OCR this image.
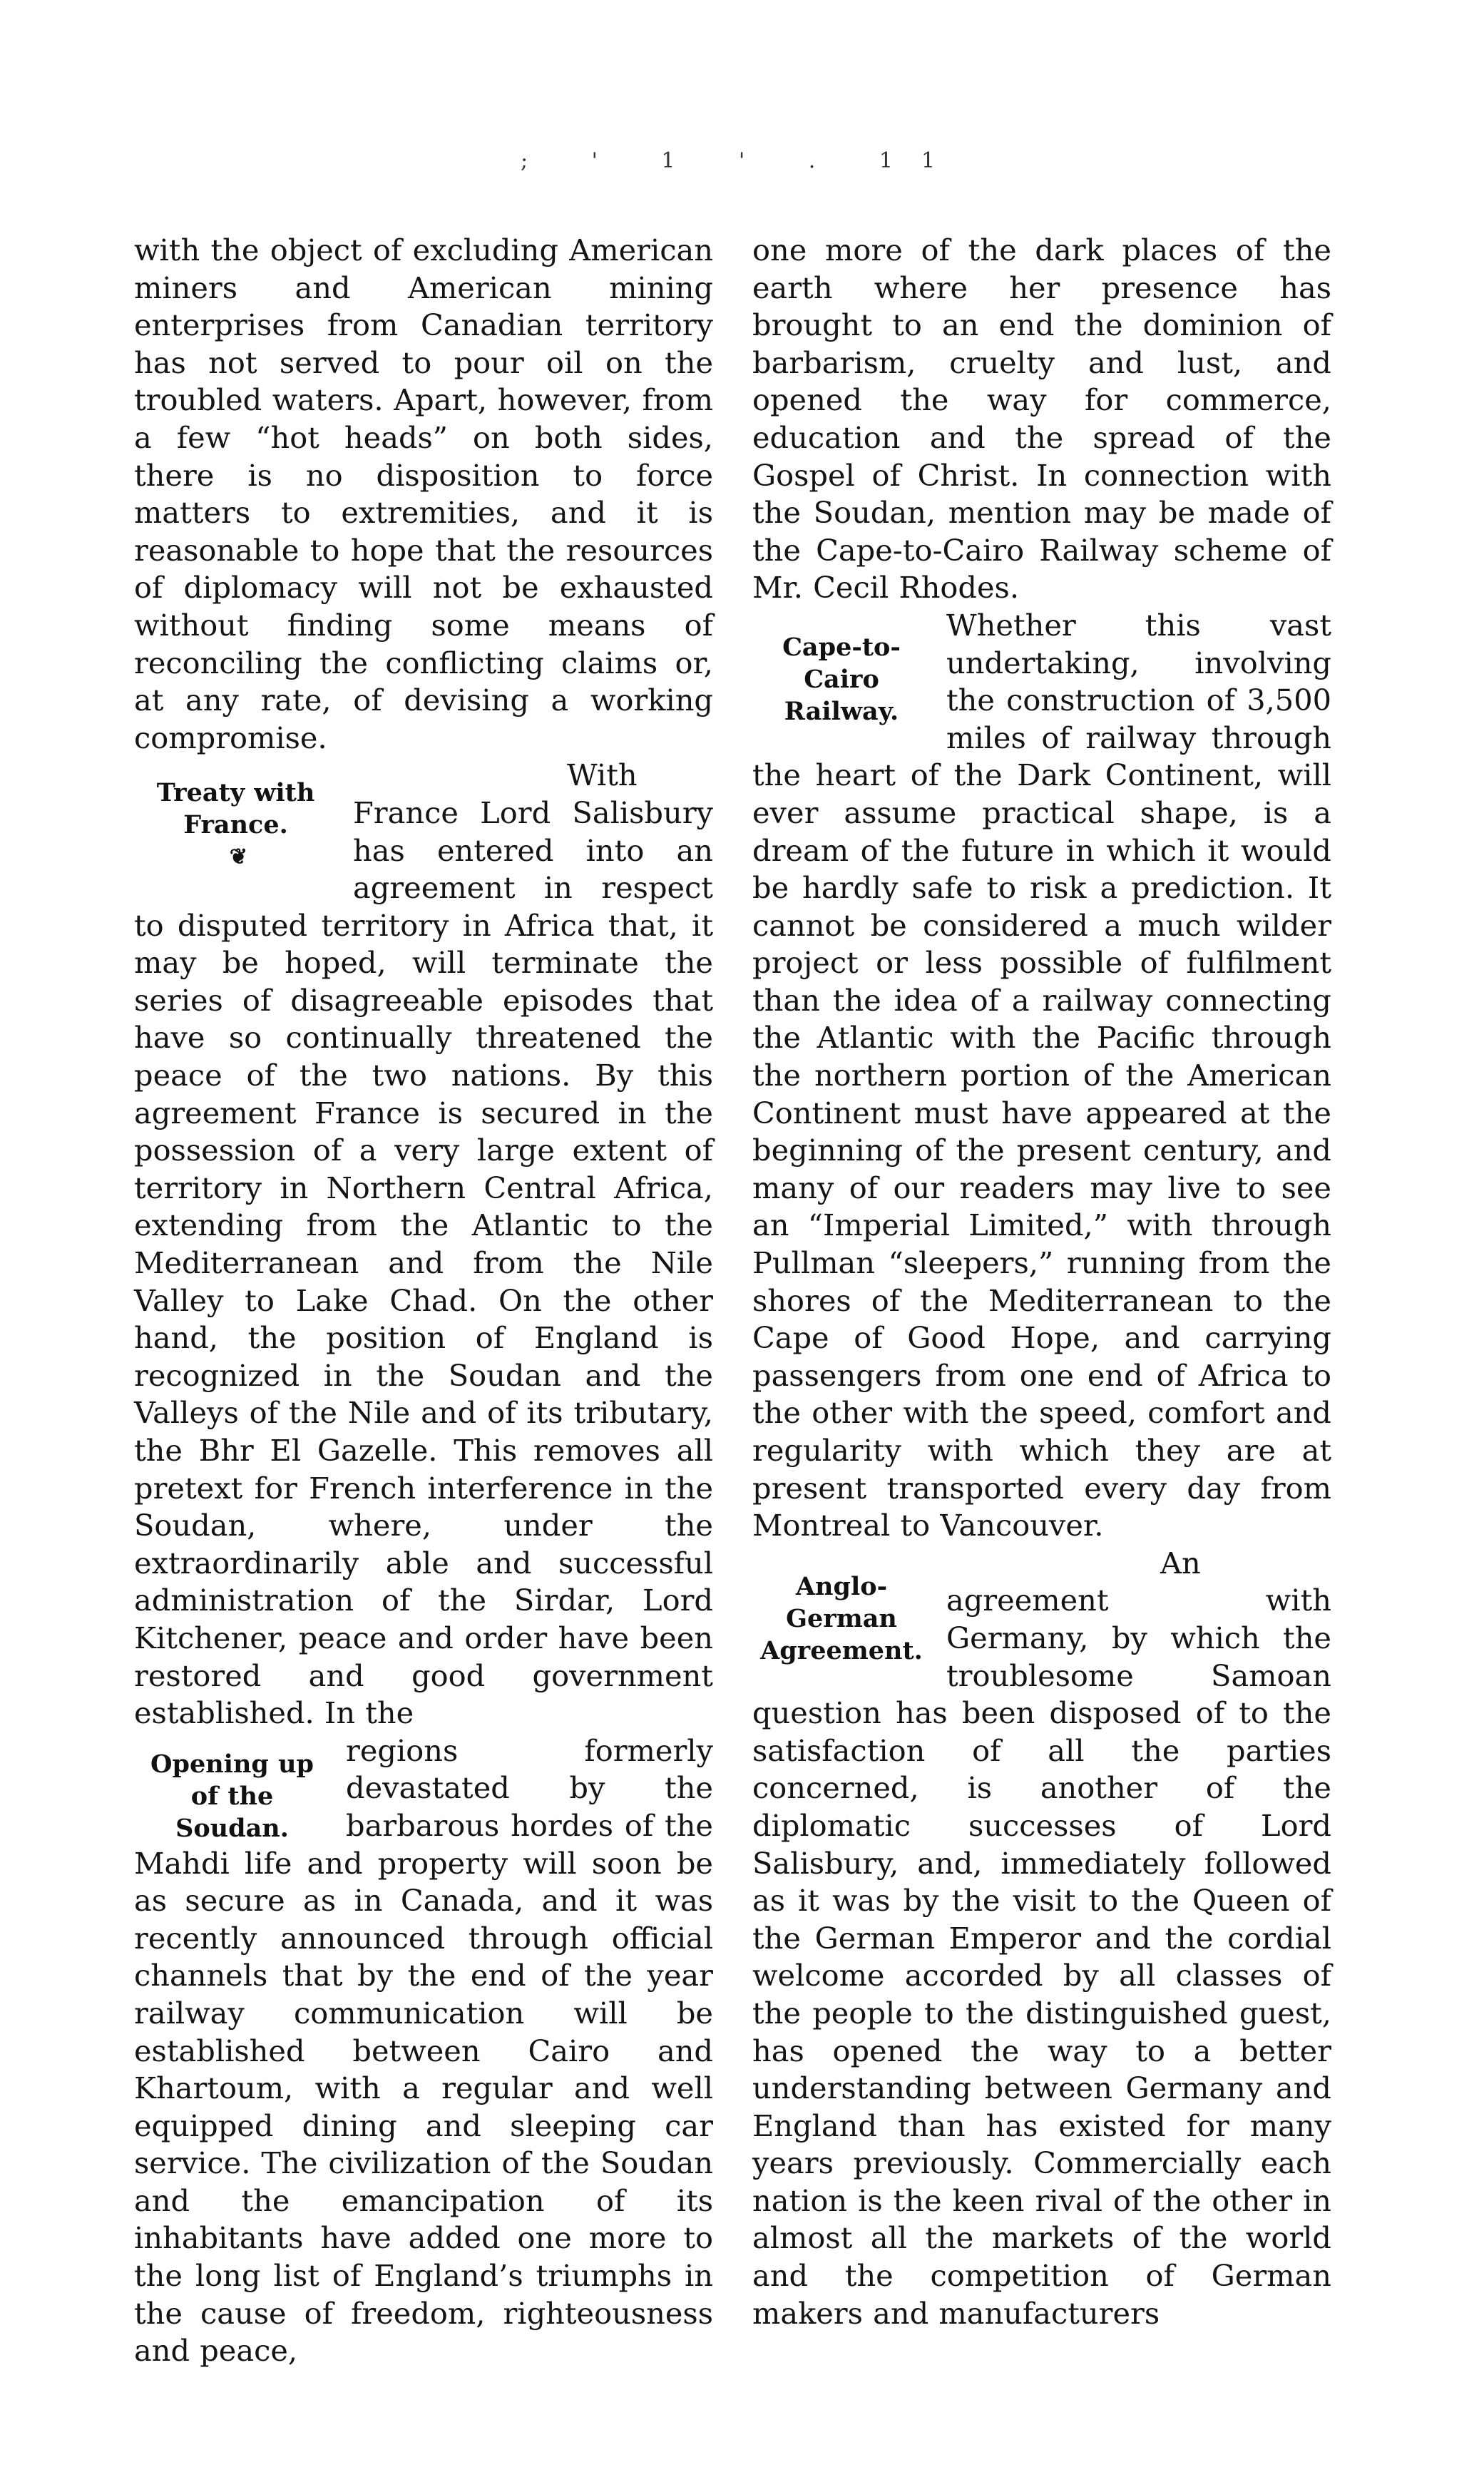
; ' 1 ' . 11

with the object of excluding American miners and American mining enterprises from Canadian territory has not served to pour oil on the troubled waters. Apart, however, from a few “hot heads” on both sides, there is no disposition to force matters to extremities, and it is reasonable to hope that the resources of diplomacy will not be exhausted without finding some means of reconciling the conflicting claims or, at any rate, of devising a working compromise.

Treaty with
France.
❦

With France Lord Salisbury has entered into an agreement in respect to disputed territory in Africa that, it may be hoped, will terminate the series of disagreeable episodes that have so continually threatened the peace of the two nations. By this agreement France is secured in the possession of a very large extent of territory in Northern Central Africa, extending from the Atlantic to the Mediterranean and from the Nile Valley to Lake Chad. On the other hand, the position of England is recognized in the Soudan and the Valleys of the Nile and of its tributary, the Bhr El Gazelle. This removes all pretext for French interference in the Soudan, where, under the extraordinarily able and successful administration of the Sirdar, Lord Kitchener, peace and order have been restored and good government established. In the

Opening up
of the
Soudan.

regions formerly devastated by the barbarous hordes of the Mahdi life and property will soon be as secure as in Canada, and it was recently announced through official channels that by the end of the year railway communication will be established between Cairo and Khartoum, with a regular and well equipped dining and sleeping car service. The civilization of the Soudan and the emancipation of its inhabitants have added one more to the long list of England’s triumphs in the cause of freedom, righteousness and peace,

one more of the dark places of the earth where her presence has brought to an end the dominion of barbarism, cruelty and lust, and opened the way for commerce, education and the spread of the Gospel of Christ. In connection with the Soudan, mention may be made of the Cape-to-Cairo Railway scheme of Mr. Cecil Rhodes.

Cape-to-
Cairo
Railway.

Whether this vast undertaking, involving the construction of 3,500 miles of railway through the heart of the Dark Continent, will ever assume practical shape, is a dream of the future in which it would be hardly safe to risk a prediction. It cannot be considered a much wilder project or less possible of fulfilment than the idea of a railway connecting the Atlantic with the Pacific through the northern portion of the American Continent must have appeared at the beginning of the present century, and many of our readers may live to see an “Imperial Limited,” with through Pullman “sleepers,” running from the shores of the Mediterranean to the Cape of Good Hope, and carrying passengers from one end of Africa to the other with the speed, comfort and regularity with which they are at present transported every day from Montreal to Vancouver.

Anglo-
German
Agreement.

An agreement with Germany, by which the troublesome Samoan question has been disposed of to the satisfaction of all the parties concerned, is another of the diplomatic successes of Lord Salisbury, and, immediately followed as it was by the visit to the Queen of the German Emperor and the cordial welcome accorded by all classes of the people to the distinguished guest, has opened the way to a better understanding between Germany and England than has existed for many years previously. Commercially each nation is the keen rival of the other in almost all the markets of the world and the competition of German makers and manufacturers
